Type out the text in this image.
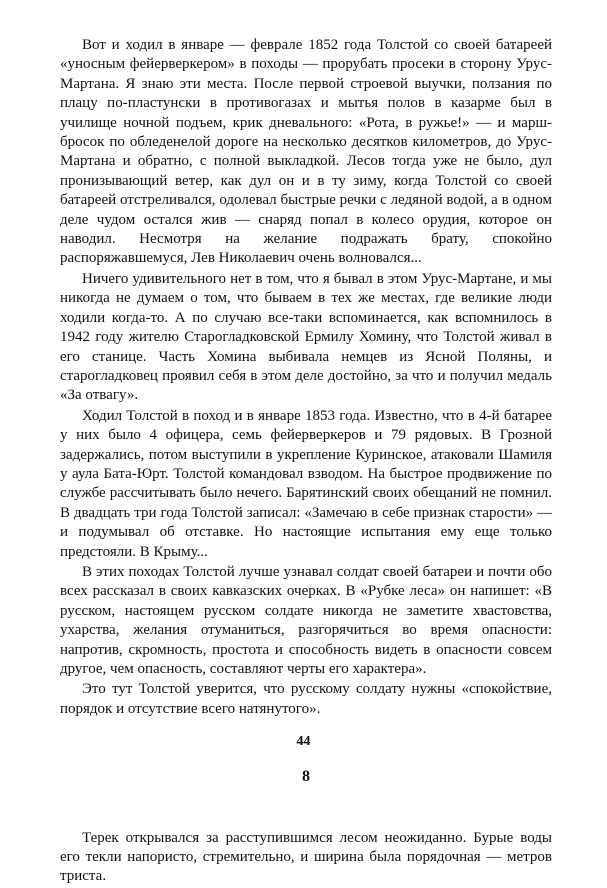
Вот и ходил в январе — феврале 1852 года Толстой со своей батареей «уносным фейерверкером» в походы — прорубать просеки в сторону Урус-Мартана. Я знаю эти места. После первой строевой выучки, ползания по плацу по-пластунски в противогазах и мытья полов в казарме был в училище ночной подъем, крик дневального: «Рота, в ружье!» — и марш-бросок по обледенелой дороге на несколько десятков километров, до Урус-Мартана и обратно, с полной выкладкой. Лесов тогда уже не было, дул пронизывающий ветер, как дул он и в ту зиму, когда Толстой со своей батареей отстреливался, одолевал быстрые речки с ледяной водой, а в одном деле чудом остался жив — снаряд попал в колесо орудия, которое он наводил. Несмотря на желание подражать брату, спокойно распоряжавшемуся, Лев Николаевич очень волновался...

Ничего удивительного нет в том, что я бывал в этом Урус-Мартане, и мы никогда не думаем о том, что бываем в тех же местах, где великие люди ходили когда-то. А по случаю все-таки вспоминается, как вспомнилось в 1942 году жителю Старогладковской Ермилу Хомину, что Толстой живал в его станице. Часть Хомина выбивала немцев из Ясной Поляны, и старогладковец проявил себя в этом деле достойно, за что и получил медаль «За отвагу».

Ходил Толстой в поход и в январе 1853 года. Известно, что в 4-й батарее у них было 4 офицера, семь фейерверкеров и 79 рядовых. В Грозной задержались, потом выступили в укрепление Куринское, атаковали Шамиля у аула Бата-Юрт. Толстой командовал взводом. На быстрое продвижение по службе рассчитывать было нечего. Барятинский своих обещаний не помнил. В двадцать три года Толстой записал: «Замечаю в себе признак старости» — и подумывал об отставке. Но настоящие испытания ему еще только предстояли. В Крыму...

В этих походах Толстой лучше узнавал солдат своей батареи и почти обо всех рассказал в своих кавказских очерках. В «Рубке леса» он напишет: «В русском, настоящем русском солдате никогда не заметите хвастовства, ухарства, желания отуманиться, разгорячиться во время опасности: напротив, скромность, простота и способность видеть в опасности совсем другое, чем опасность, составляют черты его характера».

Это тут Толстой уверится, что русскому солдату нужны «спокойствие, порядок и отсутствие всего натянутого».

8

Терек открывался за расступившимся лесом неожиданно. Бурые воды его текли напористо, стремительно, и ширина была порядочная — метров триста.

44
